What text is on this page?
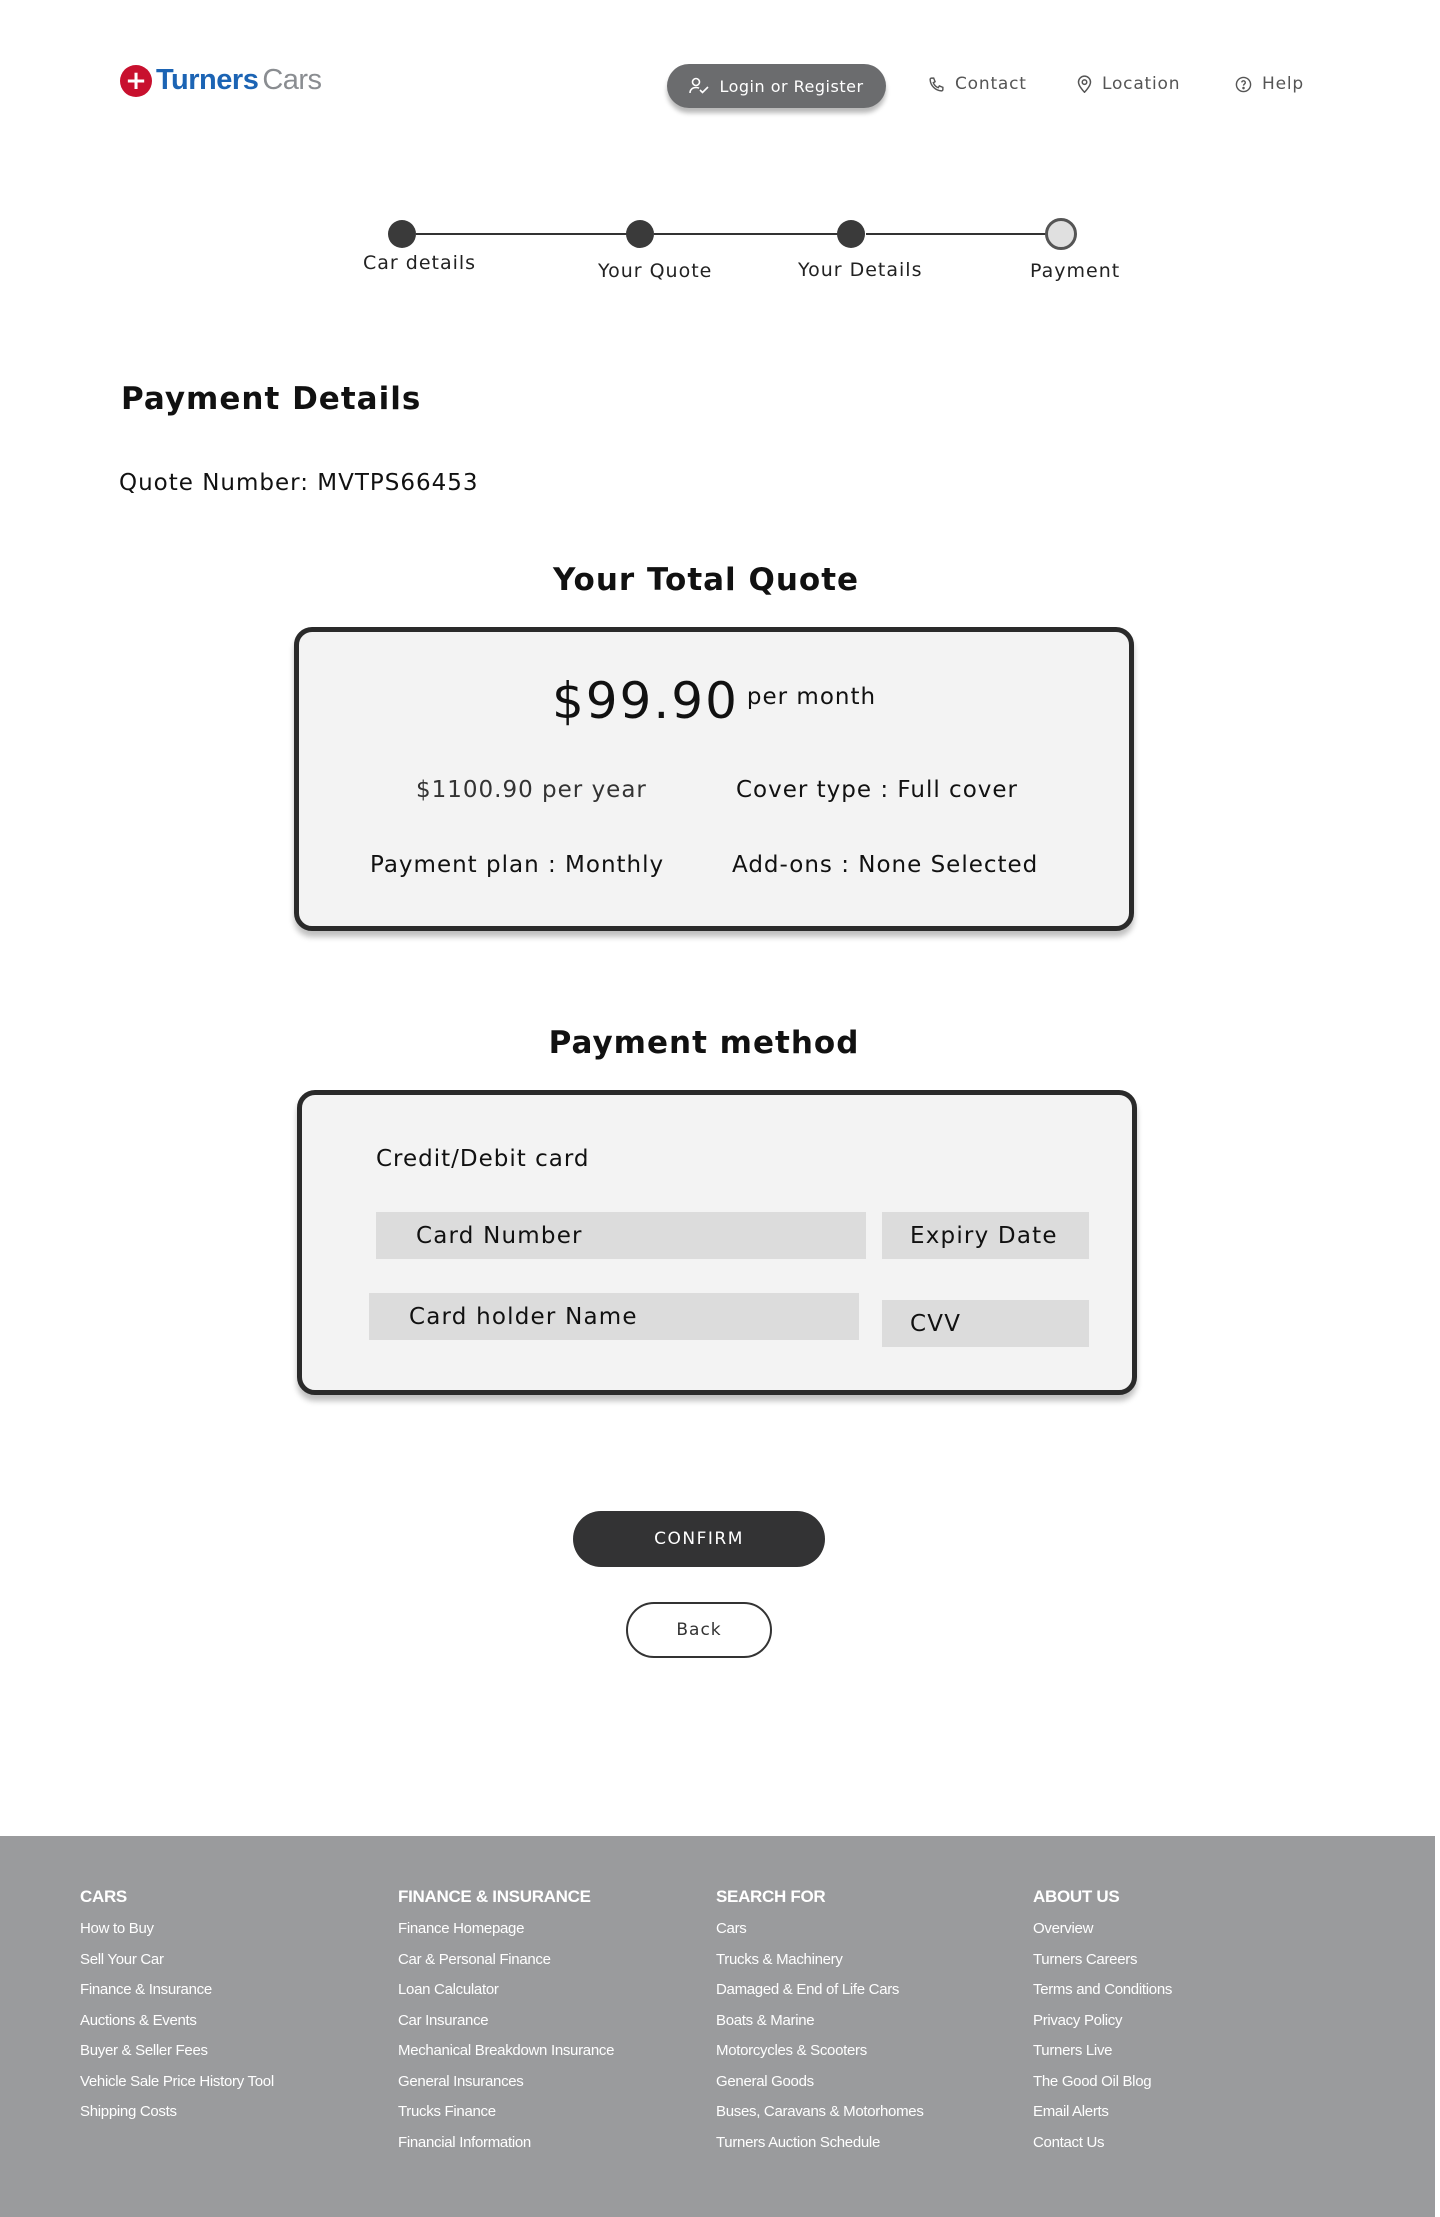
+ Turners Cars	Login or Register	Contact	Location	Help
Car details	Your Quote	Your Details	Payment
Payment Details
Quote Number: MVTPS66453
Your Total Quote
$99.90 per month
$1100.90 per year	Cover type : Full cover
Payment plan : Monthly	Add-ons : None Selected
Payment method
Credit/Debit card
Card Number	Expiry Date
Card holder Name	CVV
CONFIRM
Back
CARS
How to Buy
Sell Your Car
Finance & Insurance
Auctions & Events
Buyer & Seller Fees
Vehicle Sale Price History Tool
Shipping Costs
FINANCE & INSURANCE
Finance Homepage
Car & Personal Finance
Loan Calculator
Car Insurance
Mechanical Breakdown Insurance
General Insurances
Trucks Finance
Financial Information
SEARCH FOR
Cars
Trucks & Machinery
Damaged & End of Life Cars
Boats & Marine
Motorcycles & Scooters
General Goods
Buses, Caravans & Motorhomes
Turners Auction Schedule
ABOUT US
Overview
Turners Careers
Terms and Conditions
Privacy Policy
Turners Live
The Good Oil Blog
Email Alerts
Contact Us
